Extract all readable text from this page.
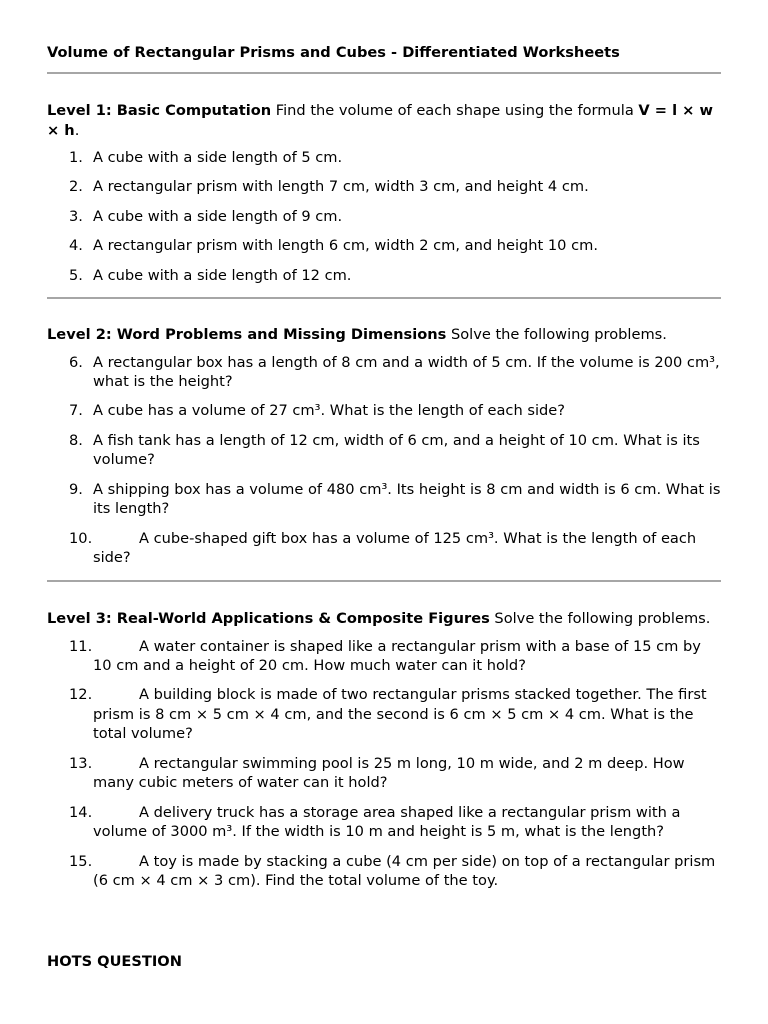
Volume of Rectangular Prisms and Cubes - Differentiated Worksheets

Level 1: Basic Computation Find the volume of each shape using the formula V = l × w × h.

1. A cube with a side length of 5 cm.
2. A rectangular prism with length 7 cm, width 3 cm, and height 4 cm.
3. A cube with a side length of 9 cm.
4. A rectangular prism with length 6 cm, width 2 cm, and height 10 cm.
5. A cube with a side length of 12 cm.

Level 2: Word Problems and Missing Dimensions Solve the following problems.

6. A rectangular box has a length of 8 cm and a width of 5 cm. If the volume is 200 cm³, what is the height?
7. A cube has a volume of 27 cm³. What is the length of each side?
8. A fish tank has a length of 12 cm, width of 6 cm, and a height of 10 cm. What is its volume?
9. A shipping box has a volume of 480 cm³. Its height is 8 cm and width is 6 cm. What is its length?
10.	A cube-shaped gift box has a volume of 125 cm³. What is the length of each side?

Level 3: Real-World Applications & Composite Figures Solve the following problems.

11.	A water container is shaped like a rectangular prism with a base of 15 cm by 10 cm and a height of 20 cm. How much water can it hold?
12.	A building block is made of two rectangular prisms stacked together. The first prism is 8 cm × 5 cm × 4 cm, and the second is 6 cm × 5 cm × 4 cm. What is the total volume?
13.	A rectangular swimming pool is 25 m long, 10 m wide, and 2 m deep. How many cubic meters of water can it hold?
14.	A delivery truck has a storage area shaped like a rectangular prism with a volume of 3000 m³. If the width is 10 m and height is 5 m, what is the length?
15.	A toy is made by stacking a cube (4 cm per side) on top of a rectangular prism (6 cm × 4 cm × 3 cm). Find the total volume of the toy.
HOTS QUESTION
